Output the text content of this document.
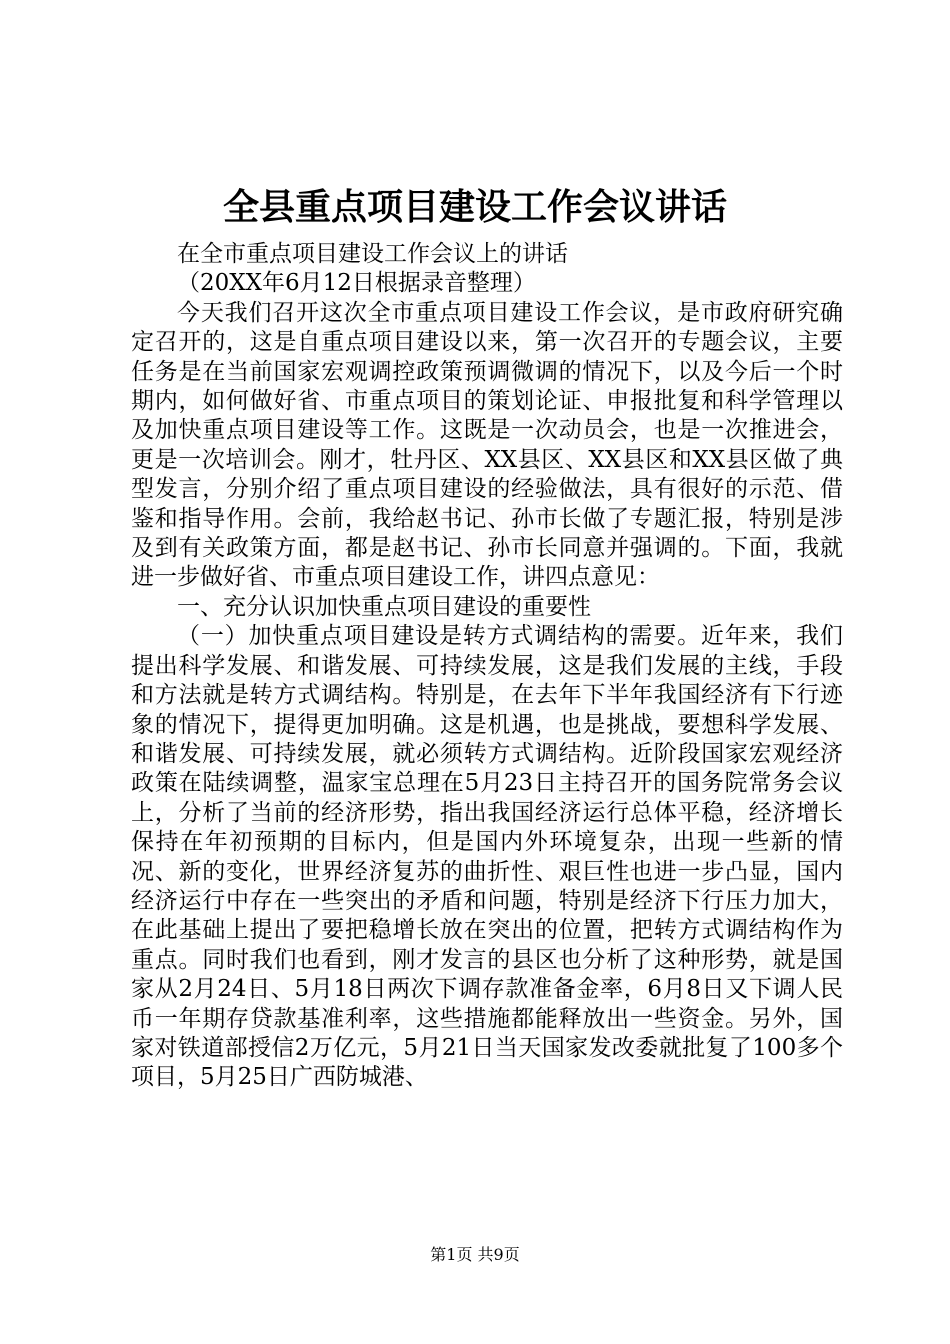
全县重点项目建设工作会议讲话

在全市重点项目建设工作会议上的讲话

（20XX年6月12日根据录音整理）

今天我们召开这次全市重点项目建设工作会议，是市政府研究确定召开的，这是自重点项目建设以来，第一次召开的专题会议，主要任务是在当前国家宏观调控政策预调微调的情况下，以及今后一个时期内，如何做好省、市重点项目的策划论证、申报批复和科学管理以及加快重点项目建设等工作。这既是一次动员会，也是一次推进会，更是一次培训会。刚才，牡丹区、XX县区、XX县区和XX县区做了典型发言，分别介绍了重点项目建设的经验做法，具有很好的示范、借鉴和指导作用。会前，我给赵书记、孙市长做了专题汇报，特别是涉及到有关政策方面，都是赵书记、孙市长同意并强调的。下面，我就进一步做好省、市重点项目建设工作，讲四点意见：

一、充分认识加快重点项目建设的重要性

（一）加快重点项目建设是转方式调结构的需要。近年来，我们提出科学发展、和谐发展、可持续发展，这是我们发展的主线，手段和方法就是转方式调结构。特别是，在去年下半年我国经济有下行迹象的情况下，提得更加明确。这是机遇，也是挑战，要想科学发展、和谐发展、可持续发展，就必须转方式调结构。近阶段国家宏观经济政策在陆续调整，温家宝总理在5月23日主持召开的国务院常务会议上，分析了当前的经济形势，指出我国经济运行总体平稳，经济增长保持在年初预期的目标内，但是国内外环境复杂，出现一些新的情况、新的变化，世界经济复苏的曲折性、艰巨性也进一步凸显，国内经济运行中存在一些突出的矛盾和问题，特别是经济下行压力加大，在此基础上提出了要把稳增长放在突出的位置，把转方式调结构作为重点。同时我们也看到，刚才发言的县区也分析了这种形势，就是国家从2月24日、5月18日两次下调存款准备金率，6月8日又下调人民币一年期存贷款基准利率，这些措施都能释放出一些资金。另外，国家对铁道部授信2万亿元，5月21日当天国家发改委就批复了100多个项目，5月25日广西防城港、

第1页 共9页
